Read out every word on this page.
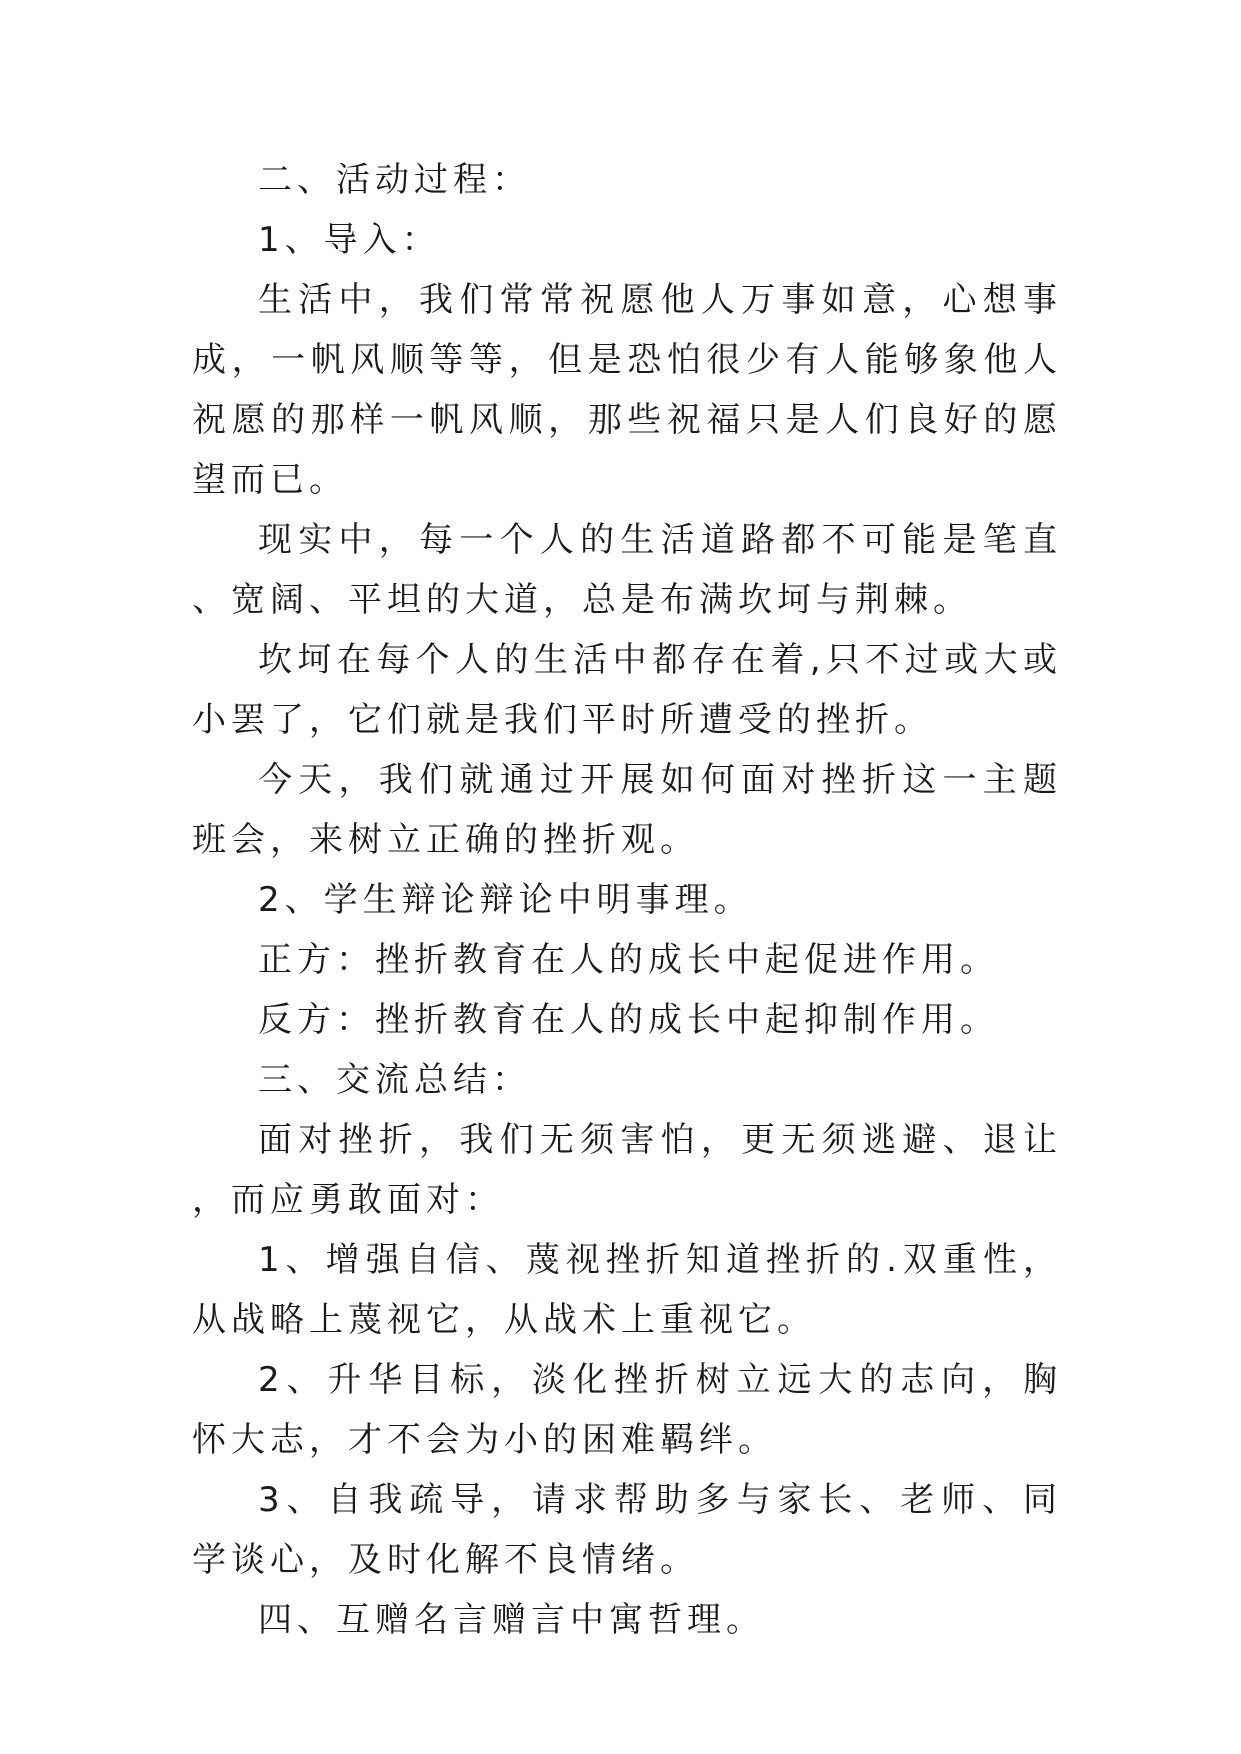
二、活动过程：

1、导入：

生活中，我们常常祝愿他人万事如意，心想事成，一帆风顺等等，但是恐怕很少有人能够象他人祝愿的那样一帆风顺，那些祝福只是人们良好的愿望而已。

现实中，每一个人的生活道路都不可能是笔直、宽阔、平坦的大道，总是布满坎坷与荆棘。

坎坷在每个人的生活中都存在着,只不过或大或小罢了，它们就是我们平时所遭受的挫折。

今天，我们就通过开展如何面对挫折这一主题班会，来树立正确的挫折观。

2、学生辩论辩论中明事理。

正方：挫折教育在人的成长中起促进作用。

反方：挫折教育在人的成长中起抑制作用。

三、交流总结：

面对挫折，我们无须害怕，更无须逃避、退让，而应勇敢面对：

1、增强自信、蔑视挫折知道挫折的.双重性，从战略上蔑视它，从战术上重视它。

2、升华目标，淡化挫折树立远大的志向，胸怀大志，才不会为小的困难羁绊。

3、自我疏导，请求帮助多与家长、老师、同学谈心，及时化解不良情绪。

四、互赠名言赠言中寓哲理。
